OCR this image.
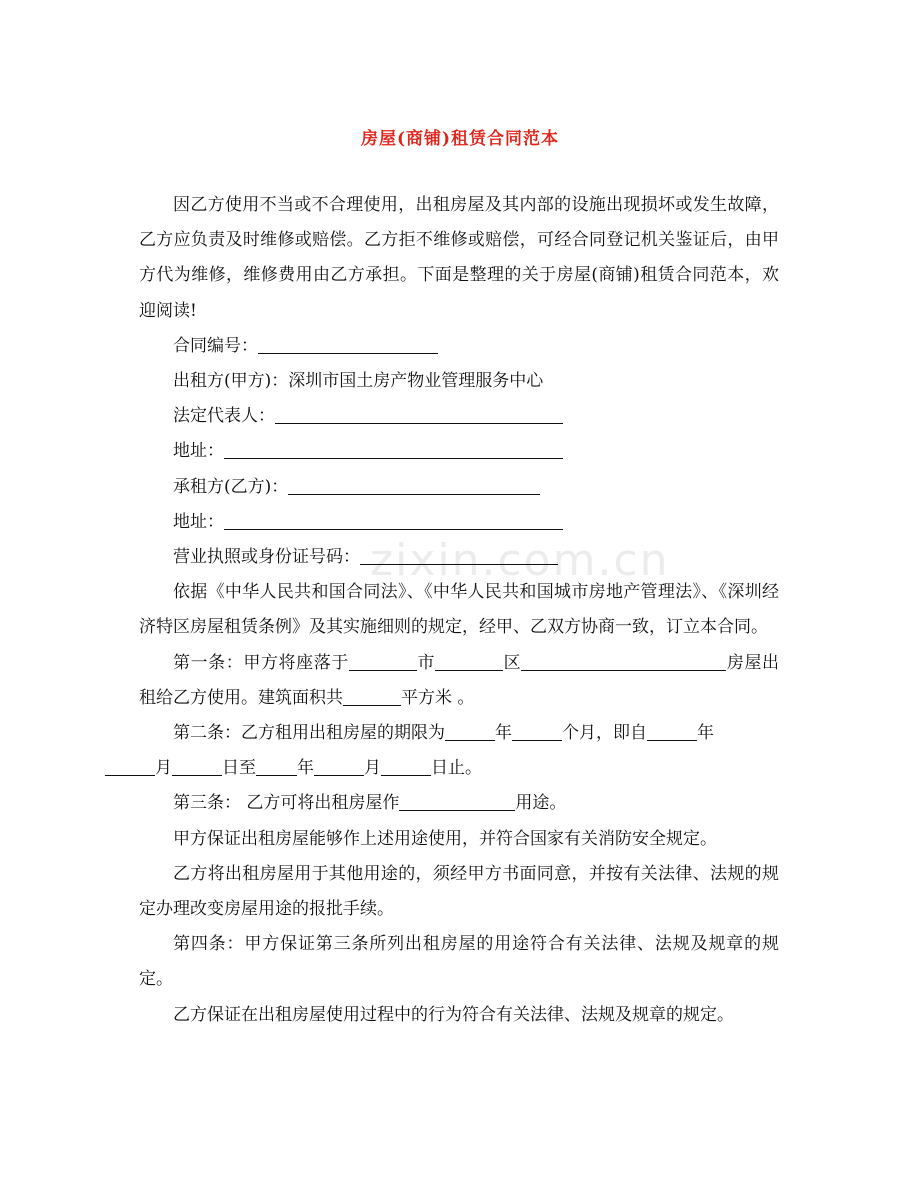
zixin.com.cn
房屋(商铺)租赁合同范本

因乙方使用不当或不合理使用，出租房屋及其内部的设施出现损坏或发生故障，乙方应负责及时维修或赔偿。乙方拒不维修或赔偿，可经合同登记机关鉴证后，由甲方代为维修，维修费用由乙方承担。下面是整理的关于房屋(商铺)租赁合同范本，欢迎阅读!

合同编号：

出租方(甲方)：深圳市国土房产物业管理服务中心

法定代表人：

地址：

承租方(乙方)：

地址：

营业执照或身份证号码：

依据《中华人民共和国合同法》、《中华人民共和国城市房地产管理法》、《深圳经济特区房屋租赁条例》及其实施细则的规定，经甲、乙双方协商一致，订立本合同。

第一条：甲方将座落于	市	区	房屋出租给乙方使用。建筑面积共	平方米 。

第二条：乙方租用出租房屋的期限为	年	个月，即自	年
月	日至 年	月	日止。

第三条： 乙方可将出租房屋作	用途。

甲方保证出租房屋能够作上述用途使用，并符合国家有关消防安全规定。

乙方将出租房屋用于其他用途的，须经甲方书面同意，并按有关法律、法规的规定办理改变房屋用途的报批手续。

第四条：甲方保证第三条所列出租房屋的用途符合有关法律、法规及规章的规定。

乙方保证在出租房屋使用过程中的行为符合有关法律、法规及规章的规定。
